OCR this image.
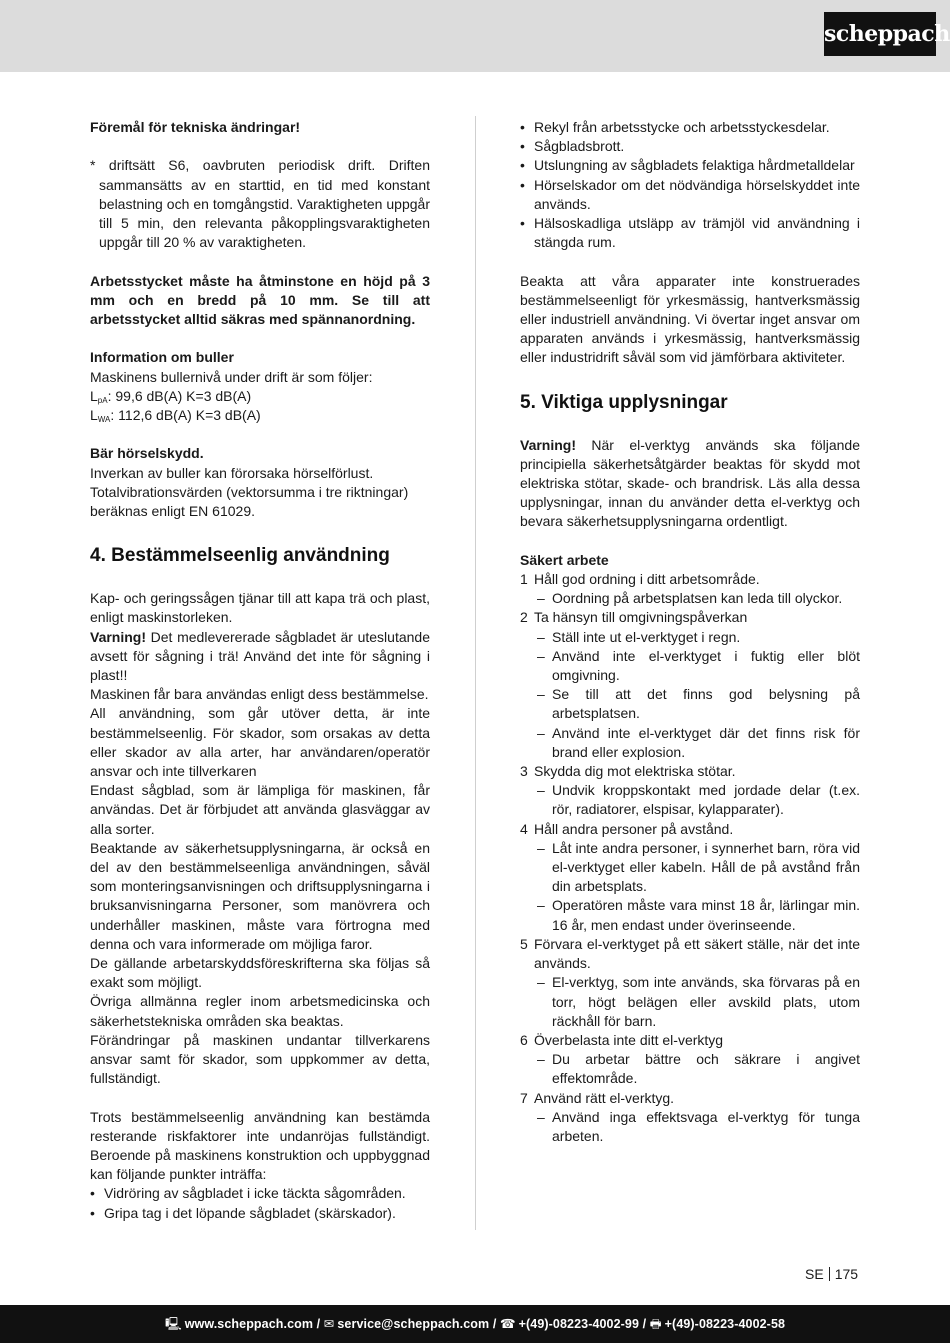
scheppach

Föremål för tekniska ändringar!

* driftsätt S6, oavbruten periodisk drift. Driften sammansätts av en starttid, en tid med konstant belastning och en tomgångstid. Varaktigheten uppgår till 5 min, den relevanta påkopplingsvaraktigheten uppgår till 20 % av varaktigheten.

Arbetsstycket måste ha åtminstone en höjd på 3 mm och en bredd på 10 mm. Se till att arbetsstycket alltid säkras med spännanordning.

Information om buller

Maskinens bullernivå under drift är som följer:

$L_{pA}$: 99,6 dB(A) K=3 dB(A)

$L_{WA}$: 112,6 dB(A) K=3 dB(A)

Bär hörselskydd.

Inverkan av buller kan förorsaka hörselförlust.

Totalvibrationsvärden (vektorsumma i tre riktningar) beräknas enligt EN 61029.

4. Bestämmelseenlig användning

Kap- och geringssågen tjänar till att kapa trä och plast, enligt maskinstorleken.

Varning! Det medlevererade sågbladet är uteslutande avsett för sågning i trä! Använd det inte för sågning i plast!!

Maskinen får bara användas enligt dess bestämmelse.

All användning, som går utöver detta, är inte bestämmelseenlig. För skador, som orsakas av detta eller skador av alla arter, har användaren/operatör ansvar och inte tillverkaren

Endast sågblad, som är lämpliga för maskinen, får användas. Det är förbjudet att använda glasväggar av alla sorter.

Beaktande av säkerhetsupplysningarna, är också en del av den bestämmelseenliga användningen, såväl som monteringsanvisningen och driftsupplysningarna i bruksanvisningarna Personer, som manövrera och underhåller maskinen, måste vara förtrogna med denna och vara informerade om möjliga faror.

De gällande arbetarskyddsföreskrifterna ska följas så exakt som möjligt.

Övriga allmänna regler inom arbetsmedicinska och säkerhetstekniska områden ska beaktas.

Förändringar på maskinen undantar tillverkarens ansvar samt för skador, som uppkommer av detta, fullständigt.

Trots bestämmelseenlig användning kan bestämda resterande riskfaktorer inte undanröjas fullständigt. Beroende på maskinens konstruktion och uppbyggnad kan följande punkter inträffa:

• Vidröring av sågbladet i icke täckta sågområden.
• Gripa tag i det löpande sågbladet (skärskador).
• Rekyl från arbetsstycke och arbetsstyckesdelar.
• Sågbladsbrott.
• Utslungning av sågbladets felaktiga hårdmetalldelar
• Hörselskador om det nödvändiga hörselskyddet inte används.
• Hälsoskadliga utsläpp av trämjöl vid användning i stängda rum.

Beakta att våra apparater inte konstruerades bestämmelseenligt för yrkesmässig, hantverksmässig eller industriell användning. Vi övertar inget ansvar om apparaten används i yrkesmässig, hantverksmässig eller industridrift såväl som vid jämförbara aktiviteter.

5. Viktiga upplysningar

Varning! När el-verktyg används ska följande principiella säkerhetsåtgärder beaktas för skydd mot elektriska stötar, skade- och brandrisk. Läs alla dessa upplysningar, innan du använder detta el-verktyg och bevara säkerhetsupplysningarna ordentligt.

Säkert arbete

1 Håll god ordning i ditt arbetsområde.
– Oordning på arbetsplatsen kan leda till olyckor.
2 Ta hänsyn till omgivningspåverkan
– Ställ inte ut el-verktyget i regn.
– Använd inte el-verktyget i fuktig eller blöt omgivning.
– Se till att det finns god belysning på arbetsplatsen.
– Använd inte el-verktyget där det finns risk för brand eller explosion.
3 Skydda dig mot elektriska stötar.
– Undvik kroppskontakt med jordade delar (t.ex. rör, radiatorer, elspisar, kylapparater).
4 Håll andra personer på avstånd.
– Låt inte andra personer, i synnerhet barn, röra vid el-verktyget eller kabeln. Håll de på avstånd från din arbetsplats.
– Operatören måste vara minst 18 år, lärlingar min. 16 år, men endast under överinseende.
5 Förvara el-verktyget på ett säkert ställe, när det inte används.
– El-verktyg, som inte används, ska förvaras på en torr, högt belägen eller avskild plats, utom räckhåll för barn.
6 Överbelasta inte ditt el-verktyg
– Du arbetar bättre och säkrare i angivet effektområde.
7 Använd rätt el-verktyg.
– Använd inga effektsvaga el-verktyg för tunga arbeten.
SE 175
🖳 www.scheppach.com / ✉ service@scheppach.com / ☎ +(49)-08223-4002-99 / 🖶 +(49)-08223-4002-58
